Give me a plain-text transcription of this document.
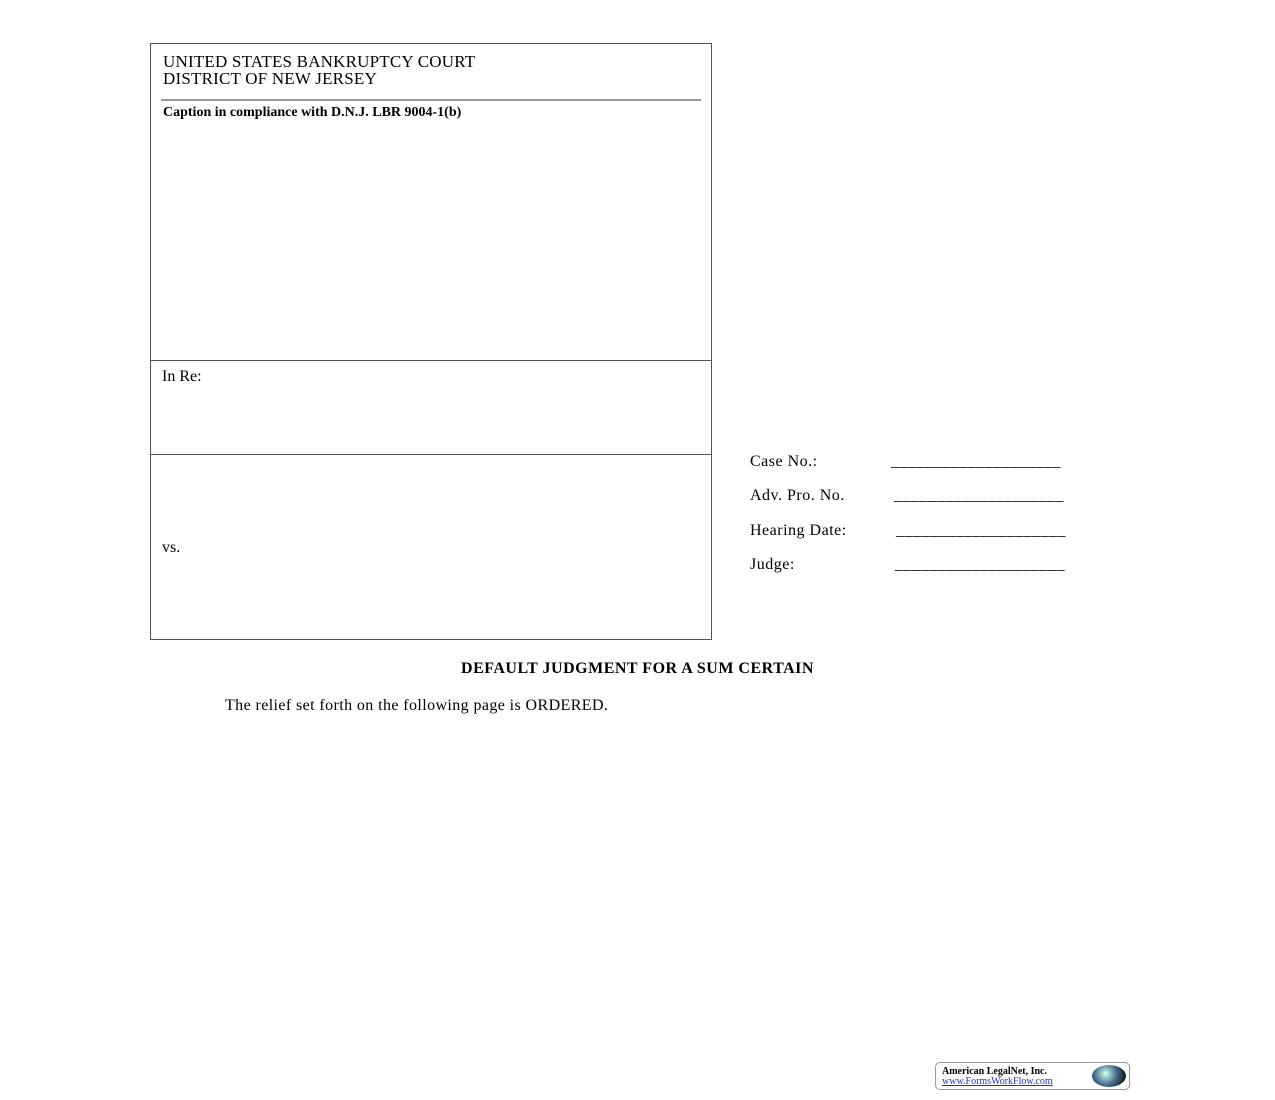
UNITED STATES BANKRUPTCY COURT
DISTRICT OF NEW JERSEY
Caption in compliance with D.N.J. LBR 9004-1(b)
In Re:
vs.
Case No.:	____________________
Adv. Pro. No.	____________________
Hearing Date:	____________________
Judge:	____________________
DEFAULT JUDGMENT FOR A SUM CERTAIN
The relief set forth on the following page is ORDERED.
American LegalNet, Inc.
www.FormsWorkFlow.com
